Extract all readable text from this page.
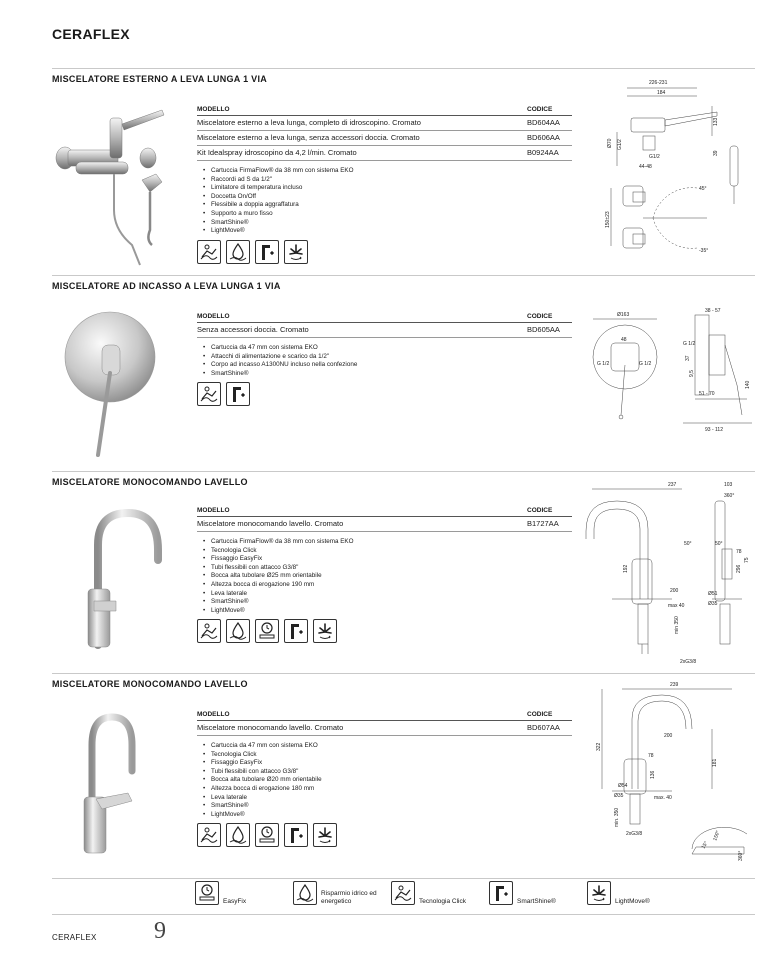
CERAFLEX
MISCELATORE ESTERNO A LEVA LUNGA 1 VIA
MODELLO	CODICE
Miscelatore esterno a leva lunga, completo di idroscopino. Cromato	BD604AA
Miscelatore esterno a leva lunga, senza accessori doccia. Cromato	BD606AA
Kit Idealspray idroscopino da 4,2 l/min. Cromato	B0924AA
• Cartuccia FirmaFlow® da 38 mm con sistema EKO
• Raccordi ad S da 1/2"
• Limitatore di temperatura incluso
• Doccetta On/Off
• Flessibile a doppia aggraffatura
• Supporto a muro fisso
• SmartShine®
• LightMove®
226-231
184
133
39
Ø70 G1/2
44-48
G1/2
150±23
45°
-35°
MISCELATORE AD INCASSO A LEVA LUNGA 1 VIA
MODELLO	CODICE
Senza accessori doccia. Cromato	BD605AA
• Cartuccia da 47 mm con sistema EKO
• Attacchi di alimentazione e scarico da 1/2"
• Corpo ad incasso A1300NU incluso nella confezione
• SmartShine®
Ø163
48
G 1/2	G 1/2
38 - 57
G 1/2
37
9,5
51 - 70
140
93 - 112
MISCELATORE MONOCOMANDO LAVELLO
MODELLO	CODICE
Miscelatore monocomando lavello. Cromato	B1727AA
• Cartuccia FirmaFlow® da 38 mm con sistema EKO
• Tecnologia Click
• Fissaggio EasyFix
• Tubi flessibili con attacco G3/8"
• Bocca alta tubolare Ø25 mm orientabile
• Altezza bocca di erogazione 190 mm
• Leva laterale
• SmartShine®
• LightMove®
237	103
360°
192
50°	50°
296
200
78
75
Ø51
Ø35
max 40
min 350
2xG3/8
MISCELATORE MONOCOMANDO LAVELLO
MODELLO	CODICE
Miscelatore monocomando lavello. Cromato	BD607AA
• Cartuccia da 47 mm con sistema EKO
• Tecnologia Click
• Fissaggio EasyFix
• Tubi flessibili con attacco G3/8"
• Bocca alta tubolare Ø20 mm orientabile
• Altezza bocca di erogazione 180 mm
• Leva laterale
• SmartShine®
• LightMove®
239
200
322
78
181
136
Ø54
Ø35	max. 40
min. 350
2xG3/8
15°
150°
360°
EasyFix
Risparmio idrico ed energetico	Tecnologia Click	SmartShine®	LightMove®
CERAFLEX 9
